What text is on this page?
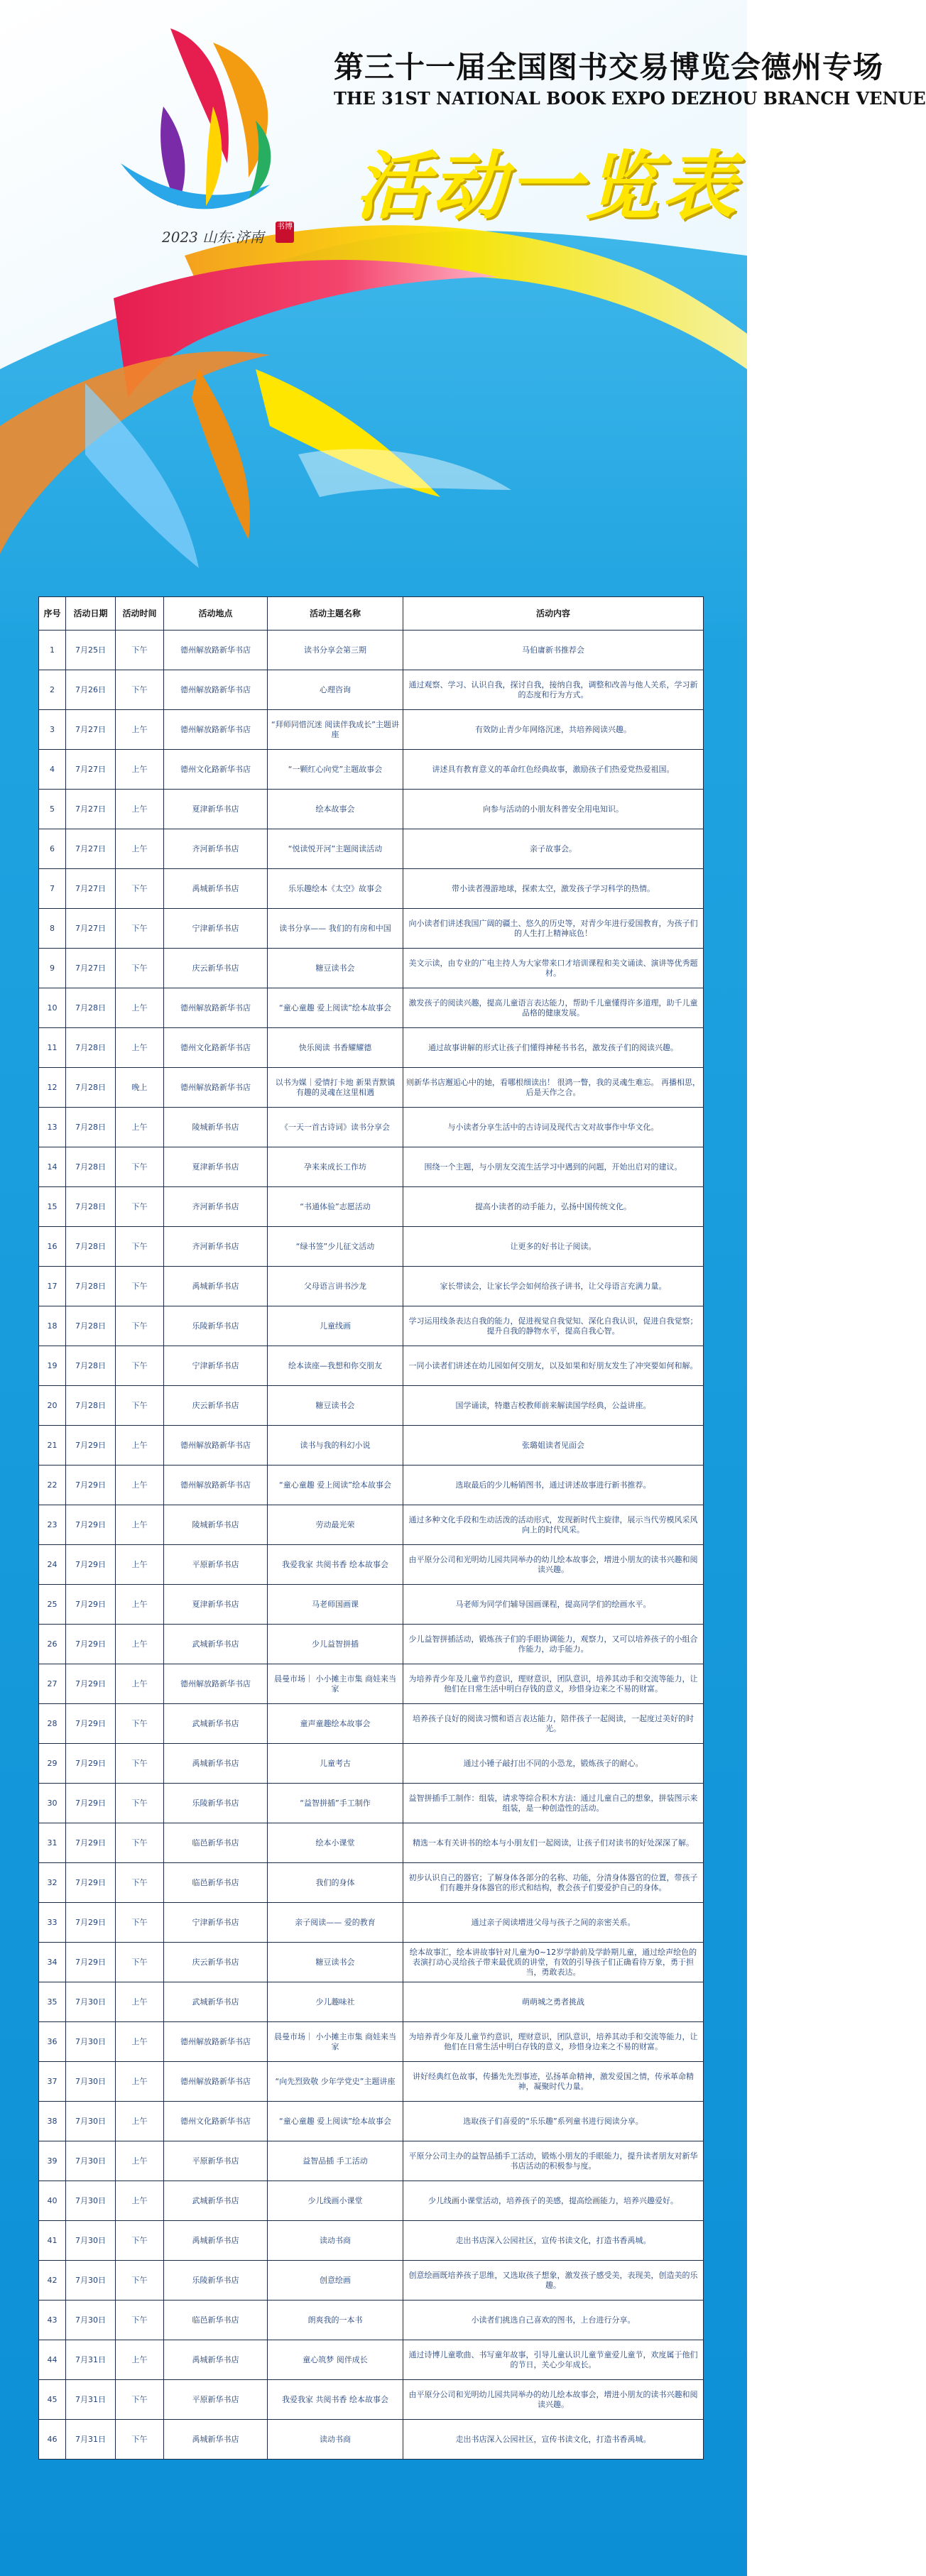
第三十一届全国图书交易博览会德州专场
THE 31ST NATIONAL BOOK EXPO DEZHOU BRANCH VENUE
活动一览表
2023 山东·济南
书博
序号	活动日期	活动时间	活动地点	活动主题名称	活动内容
1	7月25日	下午	德州解放路新华书店	读书分享会第三期	马伯庸新书推荐会
2	7月26日	下午	德州解放路新华书店	心理咨询	通过观察、学习、认识自我，探讨自我，接纳自我，调整和改善与他人关系，学习新的态度和行为方式。
3	7月27日	上午	德州解放路新华书店	“拜师同惜沉迷 阅读伴我成长”主题讲座	有效防止青少年网络沉迷，共培养阅读兴趣。
4	7月27日	上午	德州文化路新华书店	“一颗红心向党”主题故事会	讲述具有教育意义的革命红色经典故事，激励孩子们热爱党热爱祖国。
5	7月27日	上午	夏津新华书店	绘本故事会	向参与活动的小朋友科普安全用电知识。
6	7月27日	上午	齐河新华书店	“悦读悦开河”主题阅读活动	亲子故事会。
7	7月27日	下午	禹城新华书店	乐乐趣绘本《太空》故事会	带小读者漫游地球，探索太空，激发孩子学习科学的热情。
8	7月27日	下午	宁津新华书店	读书分享—— 我们的有房和中国	向小读者们讲述我国广阔的疆土、悠久的历史等，对青少年进行爱国教育，为孩子们的人生打上精神底色！
9	7月27日	下午	庆云新华书店	糖豆读书会	美文示读，由专业的广电主持人为大家带来口才培训课程和美文诵读、演讲等优秀题材。
10	7月28日	上午	德州解放路新华书店	“童心童趣 爱上阅读”绘本故事会	激发孩子的阅读兴趣，提高儿童语言表达能力，帮助千儿童懂得许多道理，助千儿童品格的健康发展。
11	7月28日	上午	德州文化路新华书店	快乐阅读 书香耀耀德	通过故事讲解的形式让孩子们懂得神秘书书名，激发孩子们的阅读兴趣。
12	7月28日	晚上	德州解放路新华书店	以书为媒｜爱情打卡地 新果青默镇 有趣的灵魂在这里相遇	则新华书店邂逅心中的她，看哪根细读出！ 很鸿一瞥，我的灵魂生难忘。 再播相思，后是天作之合。
13	7月28日	上午	陵城新华书店	《一天一首古诗词》读书分享会	与小读者分享生活中的古诗词及现代古文对故事作中华文化。
14	7月28日	下午	夏津新华书店	孕来来成长工作坊	围绕一个主题，与小朋友交流生活学习中遇到的问题，开始出启对的建议。
15	7月28日	下午	齐河新华书店	“书通体验”志愿活动	提高小读者的动手能力，弘扬中国传统文化。
16	7月28日	下午	齐河新华书店	“绿书签”少儿征文活动	让更多的好书让子阅读。
17	7月28日	下午	禹城新华书店	父母语言讲书沙龙	家长带读会，让家长学会如何给孩子讲书，让父母语言充满力量。
18	7月28日	下午	乐陵新华书店	儿童线画	学习运用线条表达自我的能力，促进视觉自我觉知、深化自我认识，促进自我觉察；提升自我的静物水平，提高自我心智。
19	7月28日	下午	宁津新华书店	绘本读座—我想和你交朋友	一同小读者们讲述在幼儿园如何交朋友，以及如果和好朋友发生了冲突要如何和解。
20	7月28日	下午	庆云新华书店	糖豆读书会	国学诵读，特邀吉校教师前来解读国学经典，公益讲座。
21	7月29日	上午	德州解放路新华书店	读书与我的科幻小说	张璐姐读者见面会
22	7月29日	上午	德州解放路新华书店	“童心童趣 爱上阅读”绘本故事会	选取最后的少儿畅销图书，通过讲述故事进行新书推荐。
23	7月29日	上午	陵城新华书店	劳动最光荣	通过多种文化手段和生动活泼的活动形式，发现新时代主旋律，展示当代劳模风采风向上的时代风采。
24	7月29日	上午	平原新华书店	我爱我家 共阅书香 绘本故事会	由平原分公司和光明幼儿园共同举办的幼儿绘本故事会，增进小朋友的读书兴趣和阅读兴趣。
25	7月29日	上午	夏津新华书店	马老师国画课	马老师为同学们辅导国画课程，提高同学们的绘画水平。
26	7月29日	上午	武城新华书店	少儿益智拼插	少儿益智拼插活动，锻炼孩子们的手眼协调能力，观察力，又可以培养孩子的小组合作能力，动手能力。
27	7月29日	上午	德州解放路新华书店	晨曼市场｜ 小小摊主市集 商娃来当家	为培养青少年及儿童节约意识，理财意识，团队意识，培养其动手和交流等能力，让他们在日常生活中明白存钱的意义，珍惜身边来之不易的财富。
28	7月29日	下午	武城新华书店	童声童趣绘本故事会	培养孩子良好的阅读习惯和语言表达能力，陪伴孩子一起阅读，一起度过美好的时光。
29	7月29日	下午	禹城新华书店	儿童考古	通过小锤子敲打出不同的小恐龙，锻炼孩子的耐心。
30	7月29日	下午	乐陵新华书店	“益智拼插”手工制作	益智拼插手工制作：组装，请求等综合积木方法：通过儿童自己的想象，拼装图示来组装，是一种创造性的活动。
31	7月29日	下午	临邑新华书店	绘本小课堂	精选一本有关讲书的绘本与小朋友们一起阅读，让孩子们对读书的好处深深了解。
32	7月29日	下午	临邑新华书店	我们的身体	初步认识自己的器官；了解身体各部分的名称、功能，分清身体器官的位置，带孩子们有趣并身体器官的形式和结构，教会孩子们要爱护自己的身体。
33	7月29日	下午	宁津新华书店	亲子阅读—— 爱的教育	通过亲子阅读增进父母与孩子之间的亲密关系。
34	7月29日	下午	庆云新华书店	糖豆读书会	绘本故事汇，绘本讲故事针对儿童为0~12岁学龄前及学龄期儿童，通过绘声绘色的表演打动心灵给孩子带来最优质的讲堂，有效的引导孩子们正确看待万象，勇于担当，勇敢表达。
35	7月30日	上午	武城新华书店	少儿趣味社	萌萌城之勇者挑战
36	7月30日	上午	德州解放路新华书店	晨曼市场｜ 小小摊主市集 商娃来当家	为培养青少年及儿童节约意识，理财意识，团队意识，培养其动手和交流等能力，让他们在日常生活中明白存钱的意义，珍惜身边来之不易的财富。
37	7月30日	上午	德州解放路新华书店	“向先烈致敬 少年学党史”主题讲座	讲好经典红色故事，传播先先烈事迹，弘扬革命精神，激发爱国之情，传承革命精神，凝聚时代力量。
38	7月30日	上午	德州文化路新华书店	“童心童趣 爱上阅读”绘本故事会	选取孩子们喜爱的“乐乐趣”系列童书进行阅读分享。
39	7月30日	上午	平原新华书店	益智品插 手工活动	平原分公司主办的益智品插手工活动，锻炼小朋友的手眼能力，提升读者朋友对新华书店活动的积极参与度。
40	7月30日	上午	武城新华书店	少儿线画小课堂	少儿线画小课堂活动，培养孩子的美感，提高绘画能力，培养兴趣爱好。
41	7月30日	下午	禹城新华书店	读动书商	走出书店深入公园社区，宣传书读文化，打造书香禹城。
42	7月30日	下午	乐陵新华书店	创意绘画	创意绘画既培养孩子思维，又选取孩子想象，激发孩子感受美，表现美，创造美的乐趣。
43	7月30日	下午	临邑新华书店	朗爽我的一本书	小读者们挑选自己喜欢的图书，上台进行分享。
44	7月31日	上午	禹城新华书店	童心筑梦 阅伴成长	通过诗博儿童歌曲、书写童年故事，引导儿童认识儿童节童爱儿童节，欢度属于他们的节日，关心少年成长。
45	7月31日	下午	平原新华书店	我爱我家 共阅书香 绘本故事会	由平原分公司和光明幼儿园共同举办的幼儿绘本故事会，增进小朋友的读书兴趣和阅读兴趣。
46	7月31日	下午	禹城新华书店	读动书商	走出书店深入公园社区，宣传书读文化，打造书香禹城。
